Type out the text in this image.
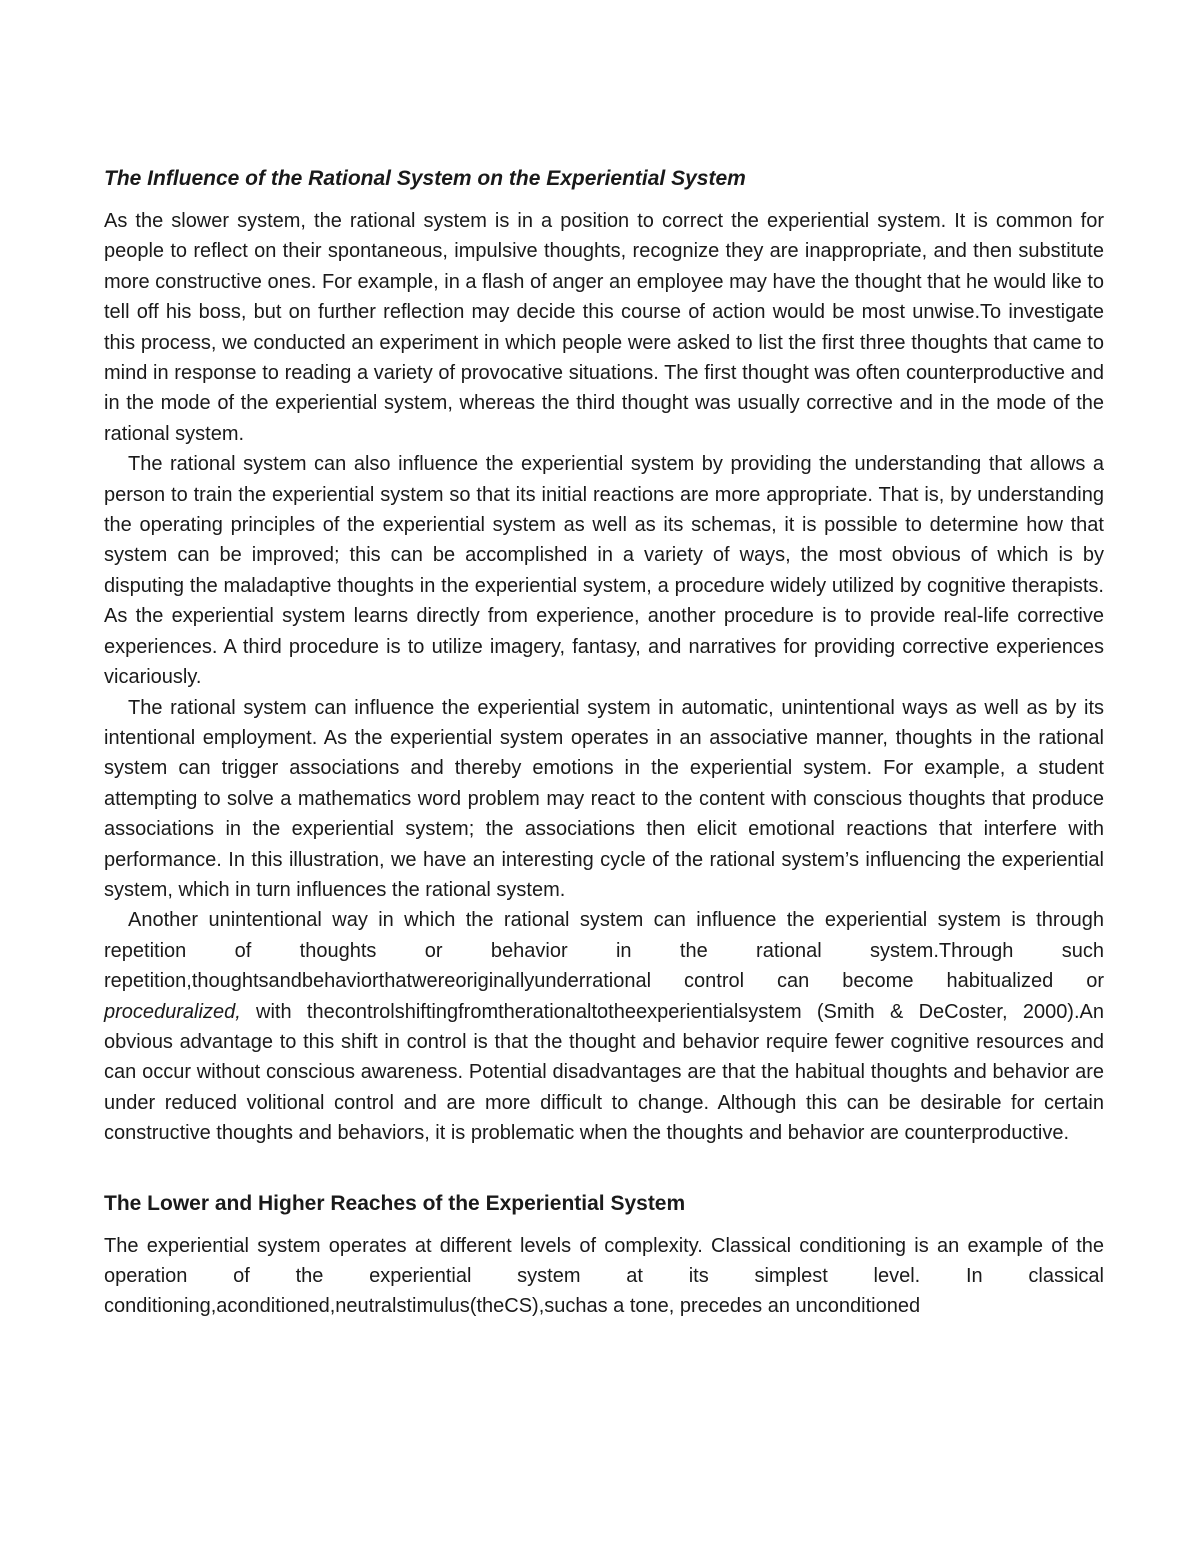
The Influence of the Rational System on the Experiential System

As the slower system, the rational system is in a position to correct the experiential system. It is common for people to reflect on their spontaneous, impulsive thoughts, recognize they are inappropriate, and then substitute more constructive ones. For example, in a flash of anger an employee may have the thought that he would like to tell off his boss, but on further reflection may decide this course of action would be most unwise.To investigate this process, we conducted an experiment in which people were asked to list the first three thoughts that came to mind in response to reading a variety of provocative situations. The first thought was often counterproductive and in the mode of the experiential system, whereas the third thought was usually corrective and in the mode of the rational system.

The rational system can also influence the experiential system by providing the understanding that allows a person to train the experiential system so that its initial reactions are more appropriate. That is, by understanding the operating principles of the experiential system as well as its schemas, it is possible to determine how that system can be improved; this can be accomplished in a variety of ways, the most obvious of which is by disputing the maladaptive thoughts in the experiential system, a procedure widely utilized by cognitive therapists. As the experiential system learns directly from experience, another procedure is to provide real-life corrective experiences. A third procedure is to utilize imagery, fantasy, and narratives for providing corrective experiences vicariously.

The rational system can influence the experiential system in automatic, unintentional ways as well as by its intentional employment. As the experiential system operates in an associative manner, thoughts in the rational system can trigger associations and thereby emotions in the experiential system. For example, a student attempting to solve a mathematics word problem may react to the content with conscious thoughts that produce associations in the experiential system; the associations then elicit emotional reactions that interfere with performance. In this illustration, we have an interesting cycle of the rational system’s influencing the experiential system, which in turn influences the rational system.

Another unintentional way in which the rational system can influence the experiential system is through repetition of thoughts or behavior in the rational system.Through such repetition,thoughtsandbehaviorthatwereoriginallyunderrational control can become habitualized or proceduralized, with thecontrolshiftingfromtherationaltotheexperientialsystem (Smith & DeCoster, 2000).An obvious advantage to this shift in control is that the thought and behavior require fewer cognitive resources and can occur without conscious awareness. Potential disadvantages are that the habitual thoughts and behavior are under reduced volitional control and are more difficult to change. Although this can be desirable for certain constructive thoughts and behaviors, it is problematic when the thoughts and behavior are counterproductive.

The Lower and Higher Reaches of the Experiential System

The experiential system operates at different levels of complexity. Classical conditioning is an example of the operation of the experiential system at its simplest level. In classical conditioning,aconditioned,neutralstimulus(theCS),suchas a tone, precedes an unconditioned
